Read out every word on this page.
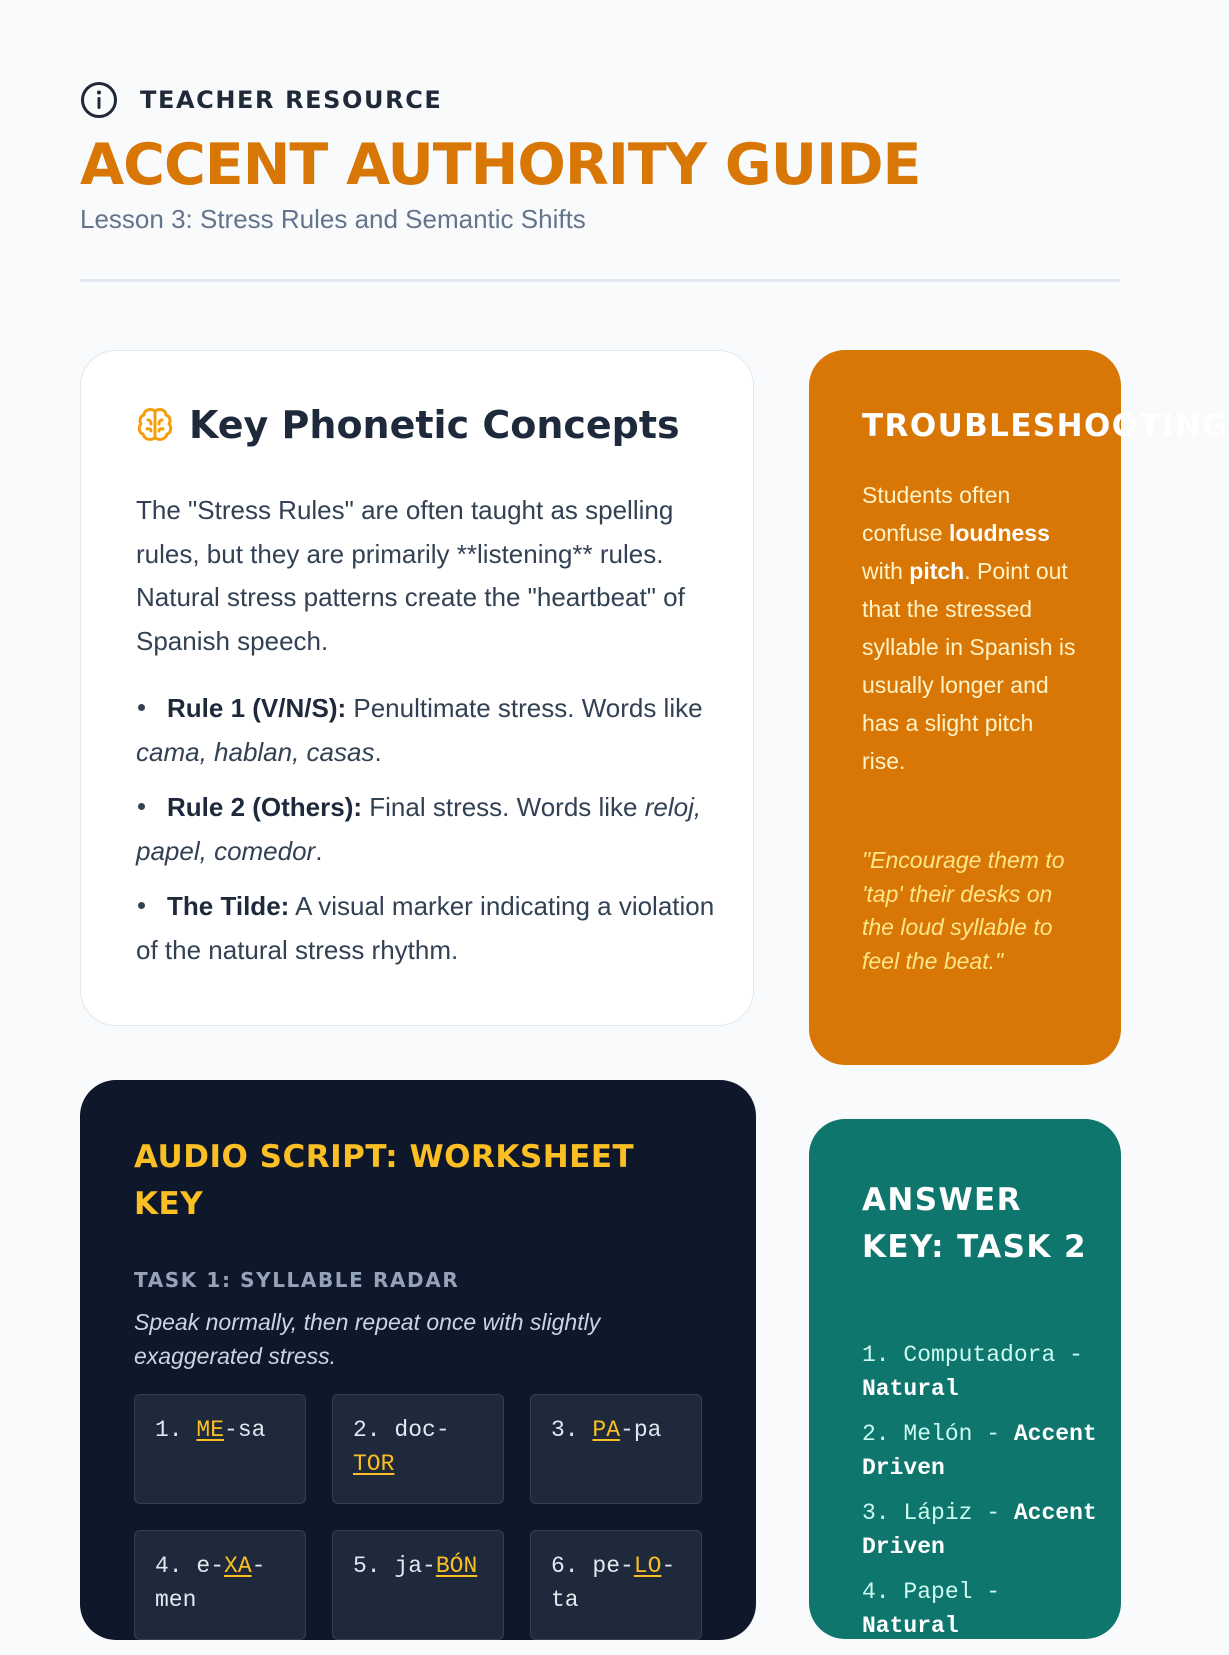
TEACHER RESOURCE
ACCENT AUTHORITY GUIDE
Lesson 3: Stress Rules and Semantic Shifts
Key Phonetic Concepts

The "Stress Rules" are often taught as spelling rules, but they are primarily **listening** rules. Natural stress patterns create the "heartbeat" of Spanish speech.

Rule 1 (V/N/S): Penultimate stress. Words like cama, hablan, casas.
Rule 2 (Others): Final stress. Words like reloj, papel, comedor.
The Tilde: A visual marker indicating a violation of the natural stress rhythm.
TROUBLESHOOTING

Students often confuse loudness with pitch. Point out that the stressed syllable in Spanish is usually longer and has a slight pitch rise.

"Encourage them to 'tap' their desks on the loud syllable to feel the beat."

AUDIO SCRIPT: WORKSHEET KEY
TASK 1: SYLLABLE RADAR

Speak normally, then repeat once with slightly exaggerated stress.

1. ME-sa	2. doc-TOR
3. PA-pa
4. e-XA-men
5. ja-BÓN	6. pe-LO-ta
ANSWER KEY: TASK 2
1. Computadora - Natural
2. Melón - Accent Driven
3. Lápiz - Accent Driven
4. Papel - Natural
